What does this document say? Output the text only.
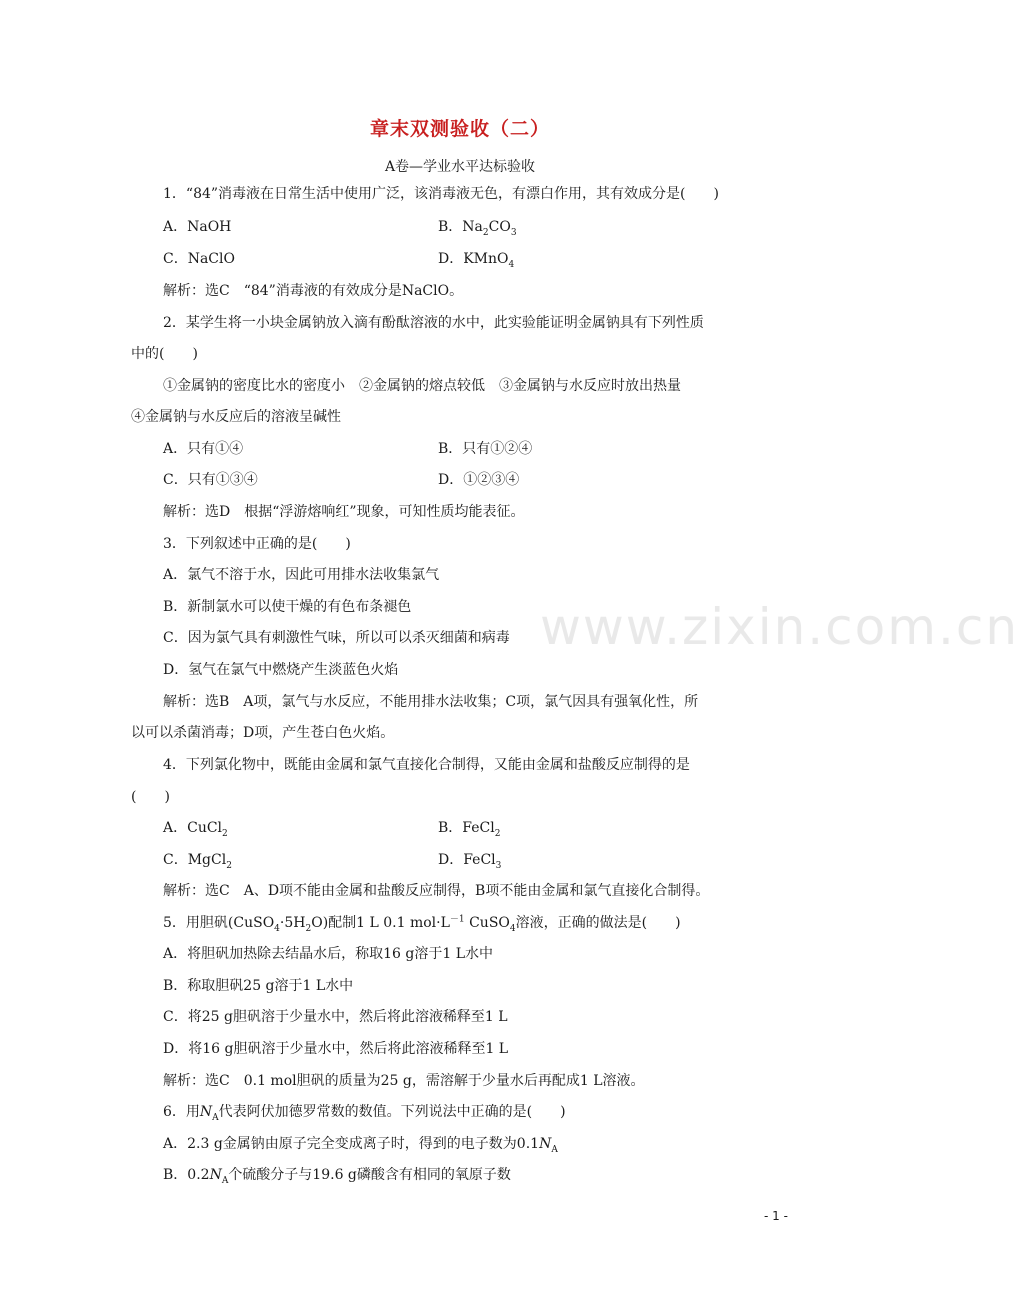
www.zixin.com.cn
章末双测验收（二）
A卷—学业水平达标验收
1．“84”消毒液在日常生活中使用广泛，该消毒液无色，有漂白作用，其有效成分是(　　)
A．NaOH	B．$Na_2CO_3$
C．NaClO	D．KMnO$_4$
解析：选C　“84”消毒液的有效成分是NaClO。
2．某学生将一小块金属钠放入滴有酚酞溶液的水中，此实验能证明金属钠具有下列性质
中的(　　)
①金属钠的密度比水的密度小　②金属钠的熔点较低　③金属钠与水反应时放出热量
④金属钠与水反应后的溶液呈碱性
A．只有①④	B．只有①②④
C．只有①③④	D．①②③④
解析：选D　根据“浮游熔响红”现象，可知性质均能表征。
3．下列叙述中正确的是(　　)
A．氯气不溶于水，因此可用排水法收集氯气
B．新制氯水可以使干燥的有色布条褪色
C．因为氯气具有刺激性气味，所以可以杀灭细菌和病毒
D．氢气在氯气中燃烧产生淡蓝色火焰
解析：选B　A项，氯气与水反应，不能用排水法收集；C项，氯气因具有强氧化性，所
以可以杀菌消毒；D项，产生苍白色火焰。
4．下列氯化物中，既能由金属和氯气直接化合制得，又能由金属和盐酸反应制得的是
(　　)
A．CuCl$_2$	B．FeCl$_2$
C．MgCl$_2$	D．FeCl$_3$
解析：选C　A、D项不能由金属和盐酸反应制得，B项不能由金属和氯气直接化合制得。
5．用胆矾$(CuSO_4\cdot 5H_2O)$配制1 L 0.1 $mol\cdot L^{-1}$ CuSO$_4$溶液，正确的做法是(　　)
A．将胆矾加热除去结晶水后，称取16 g溶于1 L水中
B．称取胆矾25 g溶于1 L水中
C．将25 g胆矾溶于少量水中，然后将此溶液稀释至1 L
D．将16 g胆矾溶于少量水中，然后将此溶液稀释至1 L
解析：选C　0.1 mol胆矾的质量为25 g，需溶解于少量水后再配成1 L溶液。
6．用$N_A$代表阿伏加德罗常数的数值。下列说法中正确的是(　　)
A．2.3 g金属钠由原子完全变成离子时，得到的电子数为$0.1N_A$
B．$0.2N_A$个硫酸分子与19.6 g磷酸含有相同的氧原子数
- 1 -
